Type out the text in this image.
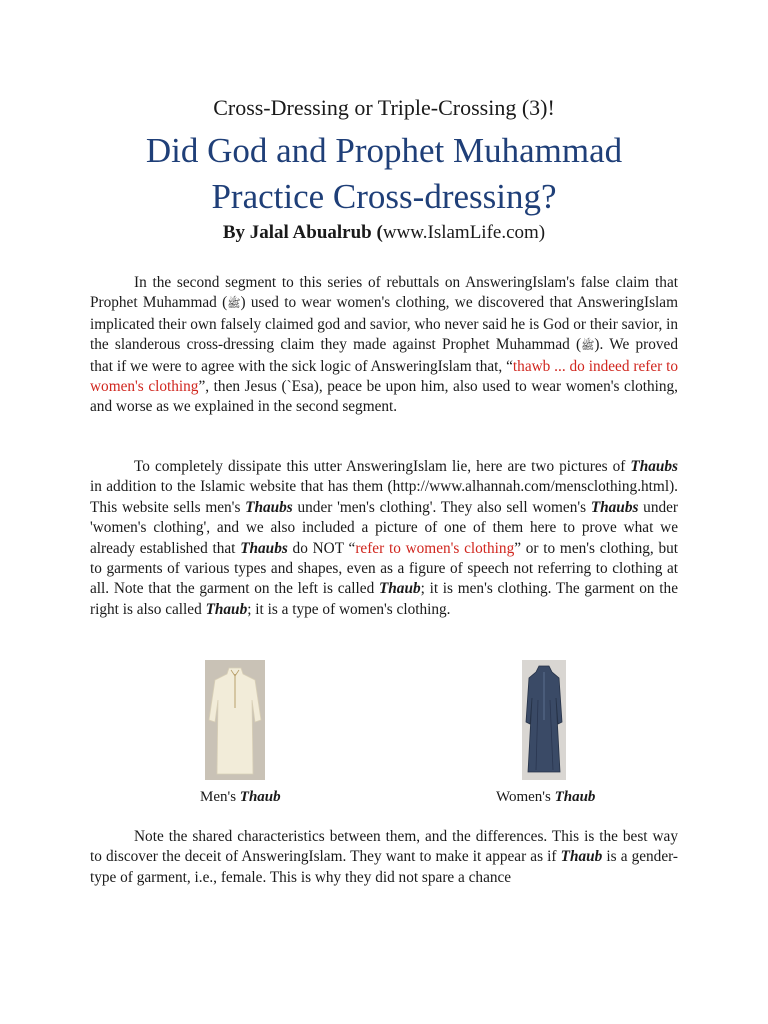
Cross-Dressing or Triple-Crossing (3)!
Did God and Prophet Muhammad
Practice Cross-dressing?
By Jalal Abualrub (www.IslamLife.com)

In the second segment to this series of rebuttals on AnsweringIslam's false claim that Prophet Muhammad (ﷺ) used to wear women's clothing, we discovered that AnsweringIslam implicated their own falsely claimed god and savior, who never said he is God or their savior, in the slanderous cross-dressing claim they made against Prophet Muhammad (ﷺ). We proved that if we were to agree with the sick logic of AnsweringIslam that, “thawb ... do indeed refer to women's clothing”, then Jesus (`Esa), peace be upon him, also used to wear women's clothing, and worse as we explained in the second segment.

To completely dissipate this utter AnsweringIslam lie, here are two pictures of Thaubs in addition to the Islamic website that has them (http://www.alhannah.com/mensclothing.html). This website sells men's Thaubs under 'men's clothing'. They also sell women's Thaubs under 'women's clothing', and we also included a picture of one of them here to prove what we already established that Thaubs do NOT “refer to women's clothing” or to men's clothing, but to garments of various types and shapes, even as a figure of speech not referring to clothing at all. Note that the garment on the left is called Thaub; it is men's clothing. The garment on the right is also called Thaub; it is a type of women's clothing.

Men's Thaub	Women's Thaub

Note the shared characteristics between them, and the differences. This is the best way to discover the deceit of AnsweringIslam. They want to make it appear as if Thaub is a gender-type of garment, i.e., female. This is why they did not spare a chance
